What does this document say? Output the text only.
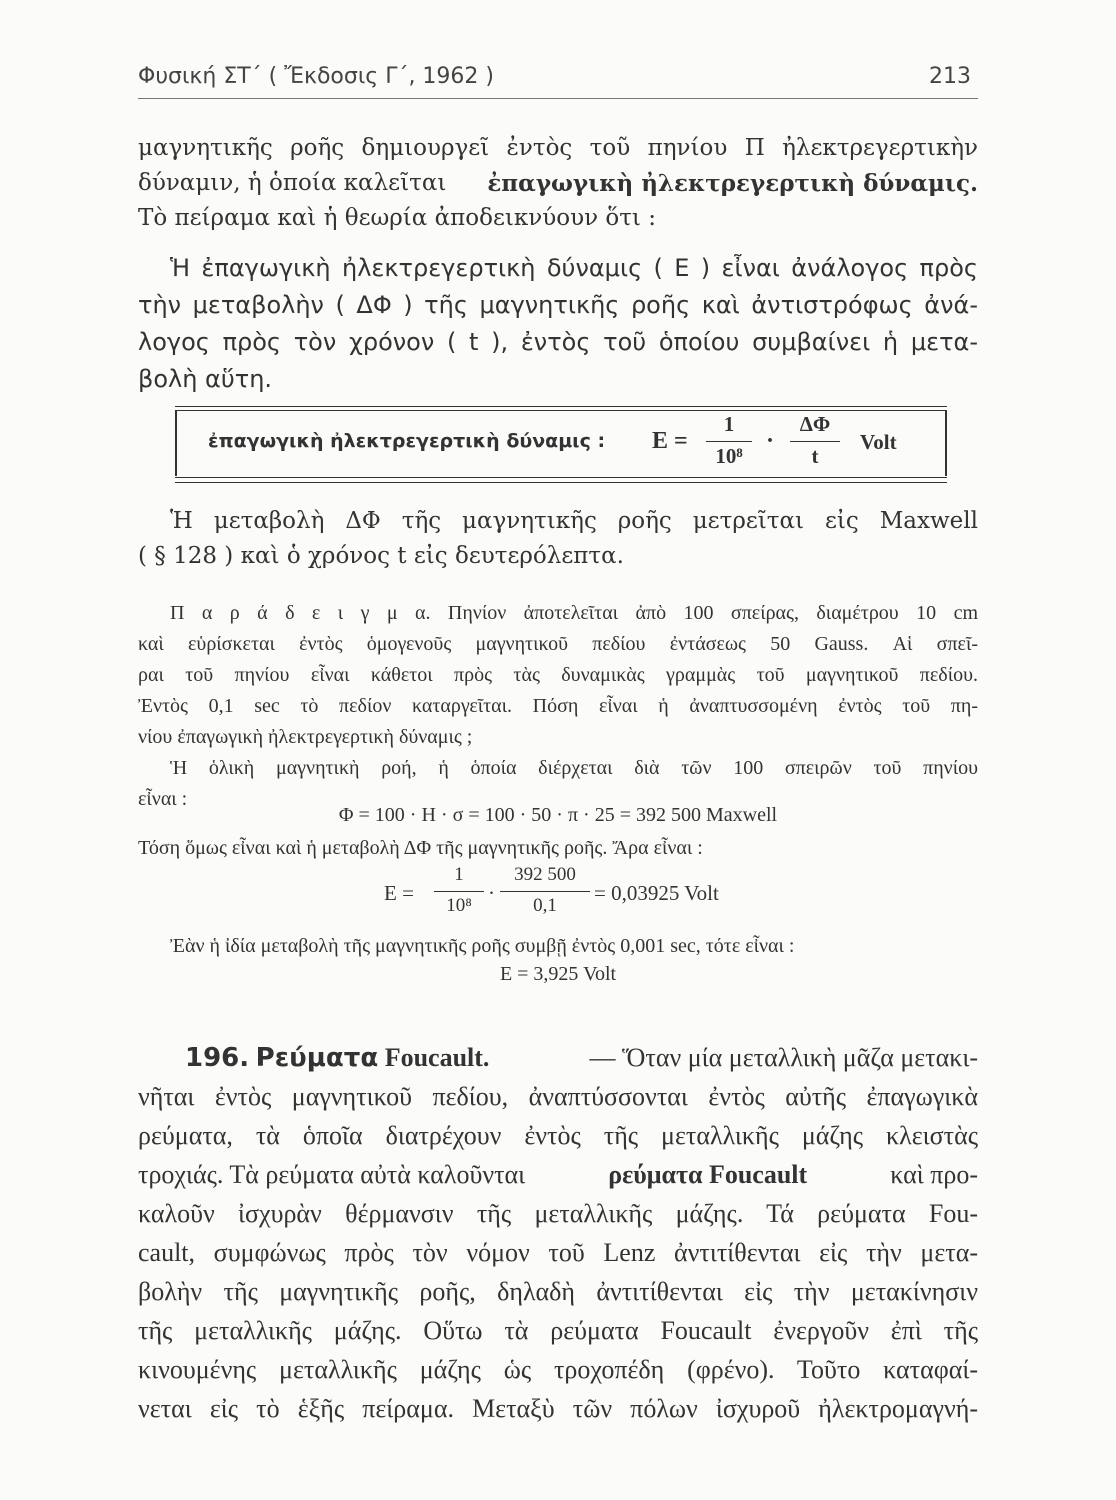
Φυσική ΣΤ΄ ( Ἔκδοσις Γ΄, 1962 )	213
μαγνητικῆς ροῆς δημιουργεῖ ἐντὸς τοῦ πηνίου Π ἠλεκτρεγερτικὴν
δύναμιν, ἡ ὁποία καλεῖται ἐπαγωγικὴ ἠλεκτρεγερτικὴ δύναμις.
Τὸ πείραμα καὶ ἡ θεωρία ἀποδεικνύουν ὅτι :
Ἡ ἐπαγωγικὴ ἠλεκτρεγερτικὴ δύναμις ( E ) εἶναι ἀνάλογος πρὸς
τὴν μεταβολὴν ( ΔΦ ) τῆς μαγνητικῆς ροῆς καὶ ἀντιστρόφως ἀνά-
λογος πρὸς τὸν χρόνον ( t ), ἐντὸς τοῦ ὁποίου συμβαίνει ἡ μετα-
βολὴ αὕτη.
ἐπαγωγικὴ ἠλεκτρεγερτικὴ δύναμις : E =
1
10⁸
·
ΔΦ
t
Volt
Ἡ μεταβολὴ ΔΦ τῆς μαγνητικῆς ροῆς μετρεῖται εἰς Maxwell
( § 128 ) καὶ ὁ χρόνος t εἰς δευτερόλεπτα.
Π α ρ ά δ ε ι γ μ α. Πηνίον ἀποτελεῖται ἀπὸ 100 σπείρας, διαμέτρου 10 cm
καὶ εὑρίσκεται ἐντὸς ὁμογενοῦς μαγνητικοῦ πεδίου ἐντάσεως 50 Gauss. Αἱ σπεῖ-
ραι τοῦ πηνίου εἶναι κάθετοι πρὸς τὰς δυναμικὰς γραμμὰς τοῦ μαγνητικοῦ πεδίου.
Ἐντὸς 0,1 sec τὸ πεδίον καταργεῖται. Πόση εἶναι ἡ ἀναπτυσσομένη ἐντὸς τοῦ πη-
νίου ἐπαγωγικὴ ἠλεκτρεγερτικὴ δύναμις ;
Ἡ ὁλικὴ μαγνητικὴ ροή, ἡ ὁποία διέρχεται διὰ τῶν 100 σπειρῶν τοῦ πηνίου
εἶναι :
Φ = 100 · H · σ = 100 · 50 · π · 25 = 392 500 Maxwell
Τόση ὅμως εἶναι καὶ ἡ μεταβολὴ ΔΦ τῆς μαγνητικῆς ροῆς. Ἄρα εἶναι :
E =
1
10⁸
·
392 500
0,1
= 0,03925 Volt
Ἐὰν ἡ ἰδία μεταβολὴ τῆς μαγνητικῆς ροῆς συμβῇ ἐντὸς 0,001 sec, τότε εἶναι :
E = 3,925 Volt
196. Ρεύματα Foucault.	— Ὅταν μία μεταλλικὴ μᾶζα μετακι-
νῆται ἐντὸς μαγνητικοῦ πεδίου, ἀναπτύσσονται ἐντὸς αὐτῆς ἐπαγωγικὰ
ρεύματα, τὰ ὁποῖα διατρέχουν ἐντὸς τῆς μεταλλικῆς μάζης κλειστὰς
τροχιάς. Τὰ ρεύματα αὐτὰ καλοῦνται	ρεύματα Foucault	καὶ προ-
καλοῦν ἰσχυρὰν θέρμανσιν τῆς μεταλλικῆς μάζης. Τά ρεύματα Fou-
cault, συμφώνως πρὸς τὸν νόμον τοῦ Lenz ἀντιτίθενται εἰς τὴν μετα-
βολὴν τῆς μαγνητικῆς ροῆς, δηλαδὴ ἀντιτίθενται εἰς τὴν μετακίνησιν
τῆς μεταλλικῆς μάζης. Οὕτω τὰ ρεύματα Foucault ἐνεργοῦν ἐπὶ τῆς
κινουμένης μεταλλικῆς μάζης ὡς τροχοπέδη (φρένο). Τοῦτο καταφαί-
νεται εἰς τὸ ἑξῆς πείραμα. Μεταξὺ τῶν πόλων ἰσχυροῦ ἠλεκτρομαγνή-
